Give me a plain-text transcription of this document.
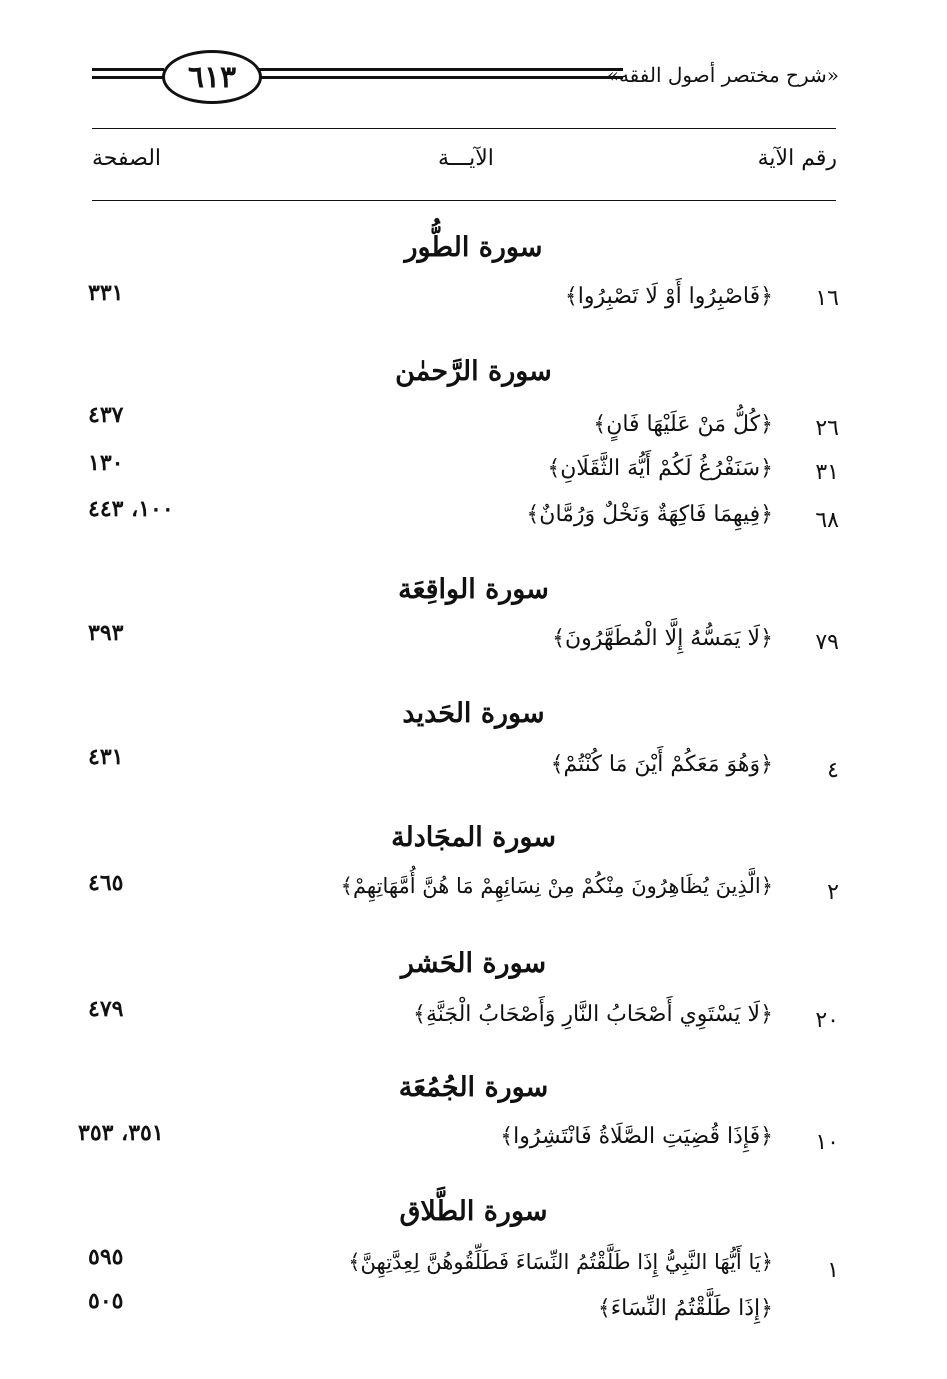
٦١٣	«شرح مختصر أصول الفقه»
رقم الآية
الآيـــة
الصفحة
سورة الطُّور
١٦
﴿فَاصْبِرُوا أَوْ لَا تَصْبِرُوا﴾
٣٣١
سورة الرَّحمٰن
٢٦
﴿كُلُّ مَنْ عَلَيْهَا فَانٍ﴾
٤٣٧
٣١
﴿سَنَفْرُغُ لَكُمْ أَيُّهَ الثَّقَلَانِ﴾
١٣٠
٦٨
﴿فِيهِمَا فَاكِهَةٌ وَنَخْلٌ وَرُمَّانٌ﴾
١٠٠، ٤٤٣
سورة الواقِعَة
٧٩
﴿لَا يَمَسُّهُ إِلَّا الْمُطَهَّرُونَ﴾
٣٩٣
سورة الحَديد
٤
﴿وَهُوَ مَعَكُمْ أَيْنَ مَا كُنْتُمْ﴾
٤٣١
سورة المجَادلة
٢
﴿الَّذِينَ يُظَاهِرُونَ مِنْكُمْ مِنْ نِسَائِهِمْ مَا هُنَّ أُمَّهَاتِهِمْ﴾
٤٦٥
سورة الحَشر
٢٠
﴿لَا يَسْتَوِي أَصْحَابُ النَّارِ وَأَصْحَابُ الْجَنَّةِ﴾
٤٧٩
سورة الجُمُعَة
١٠
﴿فَإِذَا قُضِيَتِ الصَّلَاةُ فَانْتَشِرُوا﴾
٣٥١، ٣٥٣
سورة الطَّلاق
١
﴿يَا أَيُّهَا النَّبِيُّ إِذَا طَلَّقْتُمُ النِّسَاءَ فَطَلِّقُوهُنَّ لِعِدَّتِهِنَّ﴾
٥٩٥
﴿إِذَا طَلَّقْتُمُ النِّسَاءَ﴾
٥٠٥
